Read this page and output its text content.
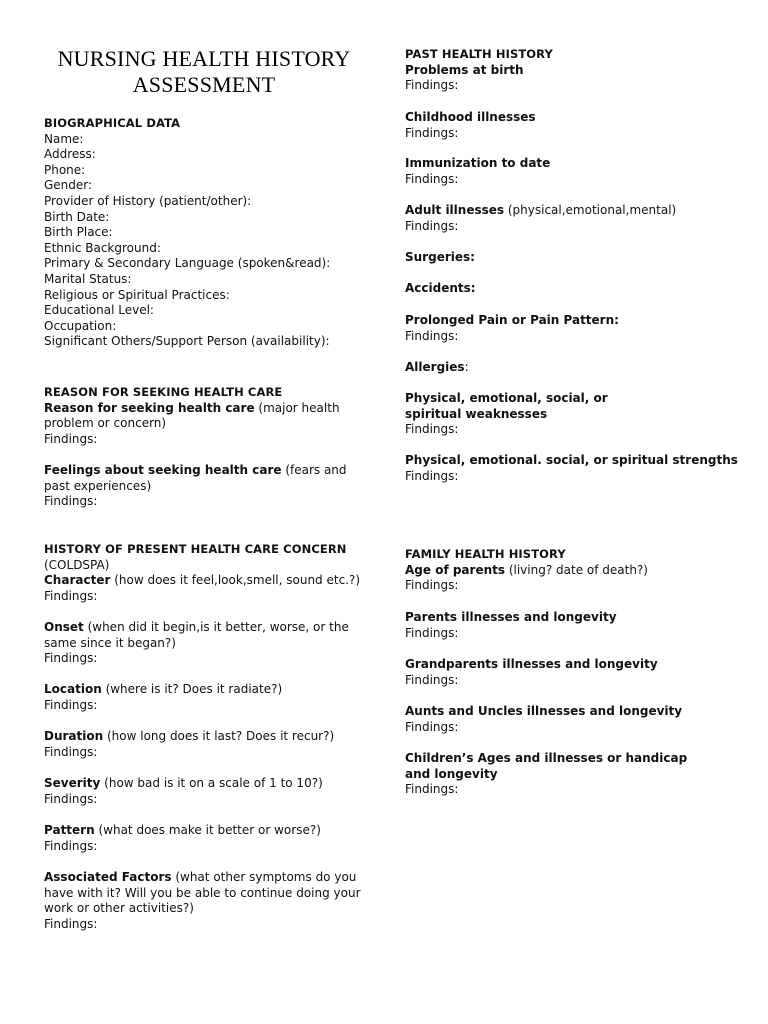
NURSING HEALTH HISTORY
ASSESSMENT
BIOGRAPHICAL DATA
Name:
Address:
Phone:
Gender:
Provider of History (patient/other):
Birth Date:
Birth Place:
Ethnic Background:
Primary & Secondary Language (spoken&read):
Marital Status:
Religious or Spiritual Practices:
Educational Level:
Occupation:
Significant Others/Support Person (availability):
REASON FOR SEEKING HEALTH CARE
Reason for seeking health care (major health problem or concern)
Findings:
Feelings about seeking health care (fears and past experiences)
Findings:
HISTORY OF PRESENT HEALTH CARE CONCERN
(COLDSPA)
Character (how does it feel,look,smell, sound etc.?)
Findings:
Onset (when did it begin,is it better, worse, or the same since it began?)
Findings:
Location (where is it? Does it radiate?)
Findings:
Duration (how long does it last? Does it recur?)
Findings:
Severity (how bad is it on a scale of 1 to 10?)
Findings:
Pattern (what does make it better or worse?)
Findings:
Associated Factors (what other symptoms do you have with it? Will you be able to continue doing your work or other activities?)
Findings:
PAST HEALTH HISTORY
Problems at birth
Findings:
Childhood illnesses
Findings:
Immunization to date
Findings:
Adult illnesses (physical,emotional,mental)
Findings:
Surgeries:
Accidents:
Prolonged Pain or Pain Pattern:
Findings:
Allergies:
Physical, emotional, social, or spiritual weaknesses
Findings:
Physical, emotional. social, or spiritual strengths
Findings:
FAMILY HEALTH HISTORY
Age of parents (living? date of death?)
Findings:
Parents illnesses and longevity
Findings:
Grandparents illnesses and longevity
Findings:
Aunts and Uncles illnesses and longevity
Findings:
Children’s Ages and illnesses or handicap and longevity
Findings:
